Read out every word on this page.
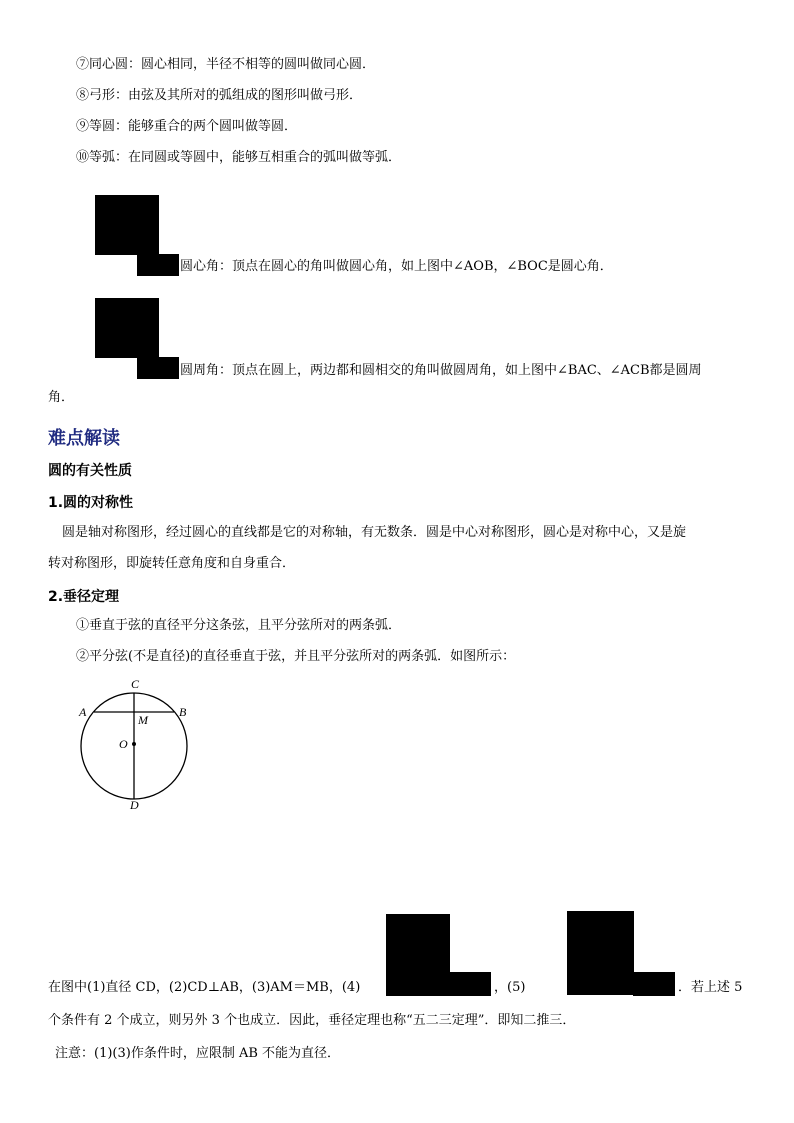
⑦同心圆：圆心相同，半径不相等的圆叫做同心圆．
⑧弓形：由弦及其所对的弧组成的图形叫做弓形．
⑨等圆：能够重合的两个圆叫做等圆．
⑩等弧：在同圆或等圆中，能够互相重合的弧叫做等弧．
圆心角：顶点在圆心的角叫做圆心角，如上图中∠AOB，∠BOC是圆心角．
圆周角：顶点在圆上，两边都和圆相交的角叫做圆周角，如上图中∠BAC、∠ACB都是圆周
角．
难点解读
圆的有关性质
1.圆的对称性
圆是轴对称图形，经过圆心的直线都是它的对称轴，有无数条．圆是中心对称图形，圆心是对称中心，又是旋
转对称图形，即旋转任意角度和自身重合．
2.垂径定理
①垂直于弦的直径平分这条弦，且平分弦所对的两条弧．
②平分弦(不是直径)的直径垂直于弦，并且平分弦所对的两条弧．如图所示：
C
A	B
M
O
D
在图中(1)直径 CD，(2)CD⊥AB，(3)AM＝MB，(4)	，(5)	．若上述 5
个条件有 2 个成立，则另外 3 个也成立．因此，垂径定理也称“五二三定理”．即知二推三．
注意：(1)(3)作条件时，应限制 AB 不能为直径．
